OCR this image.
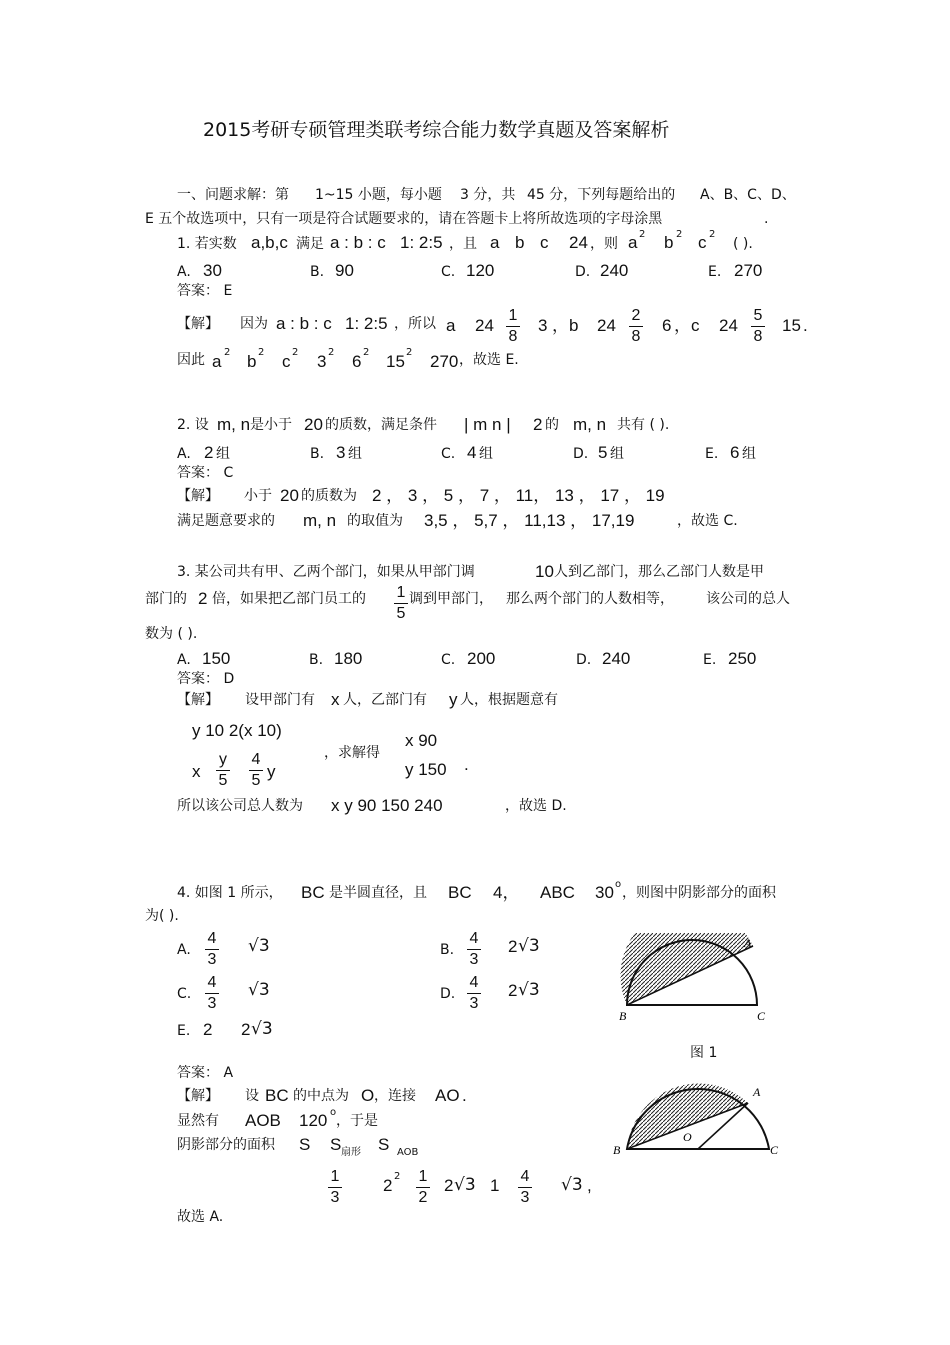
2015考研专硕管理类联考综合能力数学真题及答案解析
一、问题求解：第 1~15 小题，每小题 3 分，共 45 分，下列每题给出的 A、B、C、D、
E 五个故选项中，只有一项是符合试题要求的，请在答题卡上将所故选项的字母涂黑	.
1. 若实数 a,b,c 满足 a : b : c 1: 2:5 ，且 a b c 24 ，则 a 2 b 2 c 2
( ).
A. 30	B. 90	C. 120	D. 240	E. 270
答案： E
【解】 因为 a : b : c 1: 2:5 ，所以 a 24
1
8
3 ，b 24
2
8
6 ，c 24
5
8
15 .
因此 a 2 b 2 c 2 3 2 6 2 15 2 270 ，故选 E.
2. 设 m, n 是小于 20 的质数，满足条件 | m n | 2 的 m, n 共有 ( ).
A. 2 组	B. 3 组	C. 4 组	D. 5 组	E. 6 组
答案： C
【解】 小于 20 的质数为 2 ， 3 ， 5 ， 7 ， 11， 13 ， 17 ， 19
满足题意要求的 m, n 的取值为 3,5 ， 5,7 ， 11,13 ， 17,19	，故选 C.
3. 某公司共有甲、乙两个部门，如果从甲部门调	10 人到乙部门，那么乙部门人数是甲
部门的 2 倍，如果把乙部门员工的 1
5
调到甲部门， 那么两个部门的人数相等， 该公司的总人
数为 ( ).
A. 150	B. 180	C. 200	D. 240	E. 250
答案： D
【解】 设甲部门有 x 人，乙部门有 y 人，根据题意有
y 10 2(x 10)
x
y
5
4
5 y
，求解得
x 90
y 150 .
所以该公司总人数为 x y 90 150 240	，故选 D.
4. 如图 1 所示， BC 是半圆直径，且 BC 4， ABC 30 o
，则图中阴影部分的面积
为( ).
A.
4
3
√3	B.
4
3
2 √3
C.
4
3
√3	D.
4
3
2 √3
E. 2 2 √3
A
B	C
图 1
答案： A
【解】 设 BC 的中点为 O ，连接 AO .
显然有 AOB 120 o
，于是
阴影部分的面积 S S 扇形 S AOB
A
B	C
O
1
3
2 2 1
2
2 √3 1 4
3
√3 ,
故选 A.
